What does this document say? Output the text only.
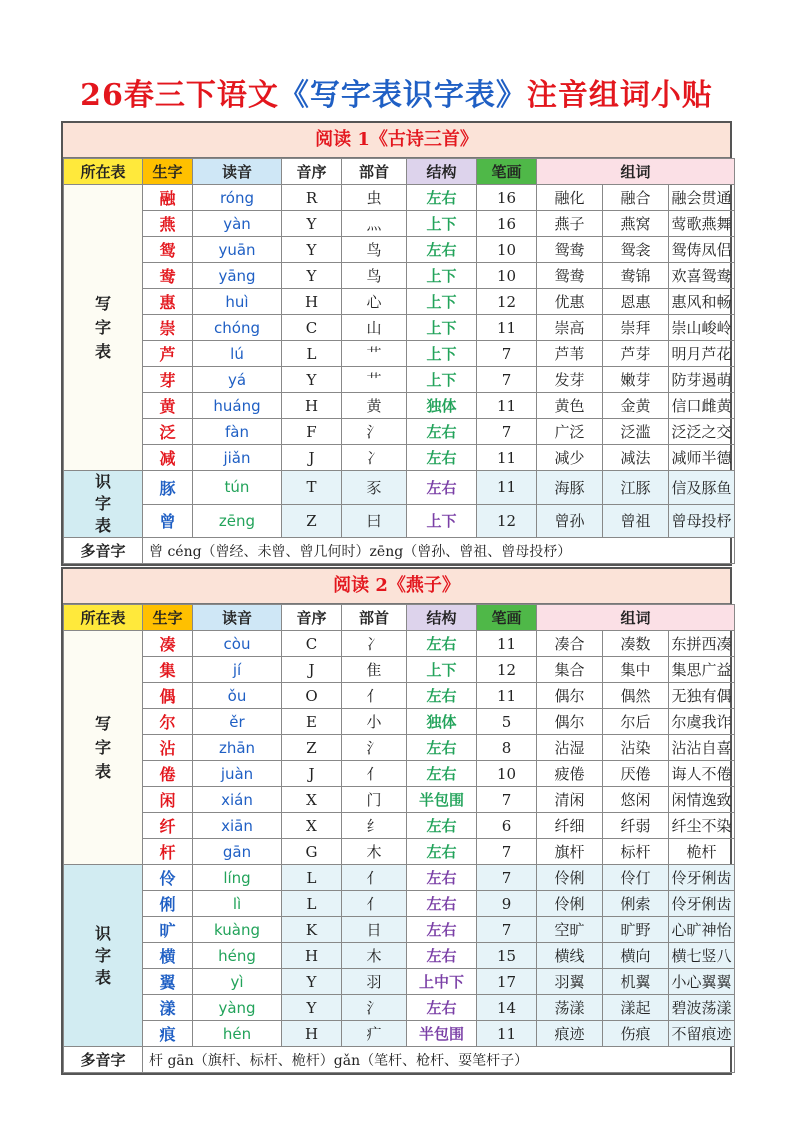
26春三下语文《写字表识字表》注音组词小贴
阅读 1《古诗三首》
所在表	生字	读音	音序	部首	结构	笔画	组词		
写
字
表	融	róng	R	虫	左右	16	融化	融合	融会贯通
	燕	yàn	Y	灬	上下	16	燕子	燕窝	莺歌燕舞
	鸳	yuān	Y	鸟	左右	10	鸳鸯	鸳衾	鸳俦凤侣
	鸯	yāng	Y	鸟	上下	10	鸳鸯	鸯锦	欢喜鸳鸯
	惠	huì	H	心	上下	12	优惠	恩惠	惠风和畅
	崇	chóng	C	山	上下	11	崇高	崇拜	崇山峻岭
	芦	lú	L	艹	上下	7	芦苇	芦芽	明月芦花
	芽	yá	Y	艹	上下	7	发芽	嫩芽	防芽遏萌
	黄	huáng	H	黄	独体	11	黄色	金黄	信口雌黄
	泛	fàn	F	氵	左右	7	广泛	泛滥	泛泛之交
	减	jiǎn	J	冫	左右	11	减少	减法	减师半德
识
字
表	豚	tún	T	豕	左右	11	海豚	江豚	信及豚鱼
	曾	zēng	Z	曰	上下	12	曾孙	曾祖	曾母投杼
多音字	曾 céng（曾经、未曾、曾几何时）zēng（曾孙、曾祖、曾母投杼）								
阅读 2《燕子》
所在表	生字	读音	音序	部首	结构	笔画	组词		
写
字
表	凑	còu	C	冫	左右	11	凑合	凑数	东拼西凑
	集	jí	J	隹	上下	12	集合	集中	集思广益
	偶	ǒu	O	亻	左右	11	偶尔	偶然	无独有偶
	尔	ěr	E	小	独体	5	偶尔	尔后	尔虞我诈
	沾	zhān	Z	氵	左右	8	沾湿	沾染	沾沾自喜
	倦	juàn	J	亻	左右	10	疲倦	厌倦	诲人不倦
	闲	xián	X	门	半包围	7	清闲	悠闲	闲情逸致
	纤	xiān	X	纟	左右	6	纤细	纤弱	纤尘不染
	杆	gān	G	木	左右	7	旗杆	标杆	桅杆
识
字
表	伶	líng	L	亻	左右	7	伶俐	伶仃	伶牙俐齿
	俐	lì	L	亻	左右	9	伶俐	俐索	伶牙俐齿
	旷	kuàng	K	日	左右	7	空旷	旷野	心旷神怡
	横	héng	H	木	左右	15	横线	横向	横七竖八
	翼	yì	Y	羽	上中下	17	羽翼	机翼	小心翼翼
	漾	yàng	Y	氵	左右	14	荡漾	漾起	碧波荡漾
	痕	hén	H	疒	半包围	11	痕迹	伤痕	不留痕迹
多音字	杆 gān（旗杆、标杆、桅杆）gǎn（笔杆、枪杆、耍笔杆子）								
